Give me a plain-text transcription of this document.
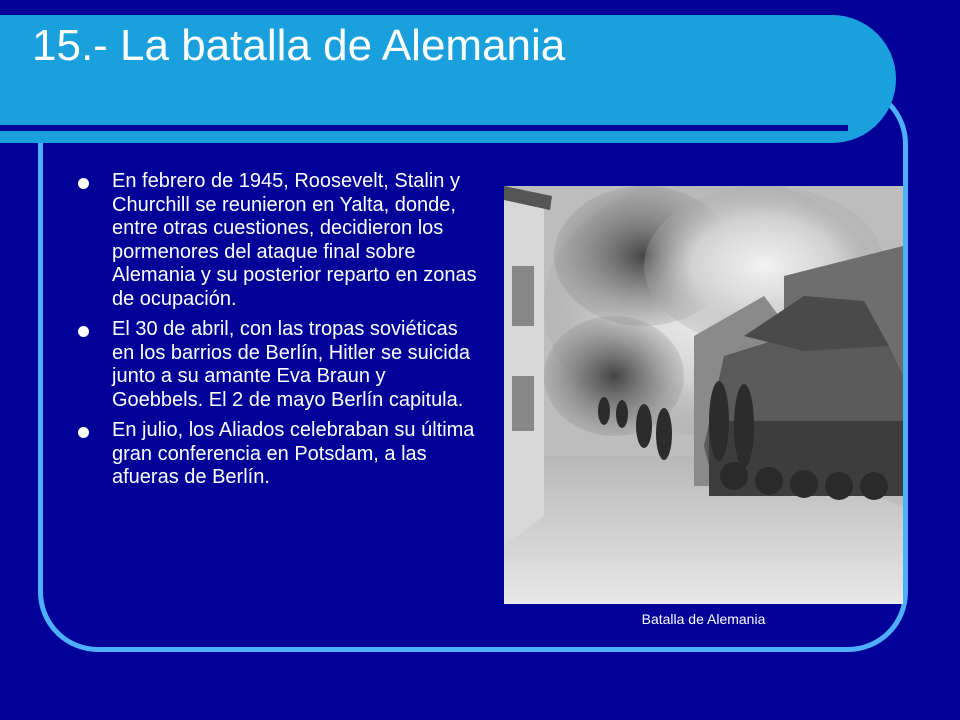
15.- La batalla de Alemania
En febrero de 1945, Roosevelt, Stalin y Churchill se reunieron en Yalta, donde, entre otras cuestiones, decidieron los pormenores del ataque final sobre Alemania y su posterior reparto en zonas de ocupación.
El 30 de abril, con las tropas soviéticas en los barrios de Berlín, Hitler se suicida junto a su amante Eva Braun y Goebbels. El 2 de mayo Berlín capitula.
En julio, los Aliados celebraban su última gran conferencia en Potsdam, a las afueras de Berlín.
Batalla de Alemania
